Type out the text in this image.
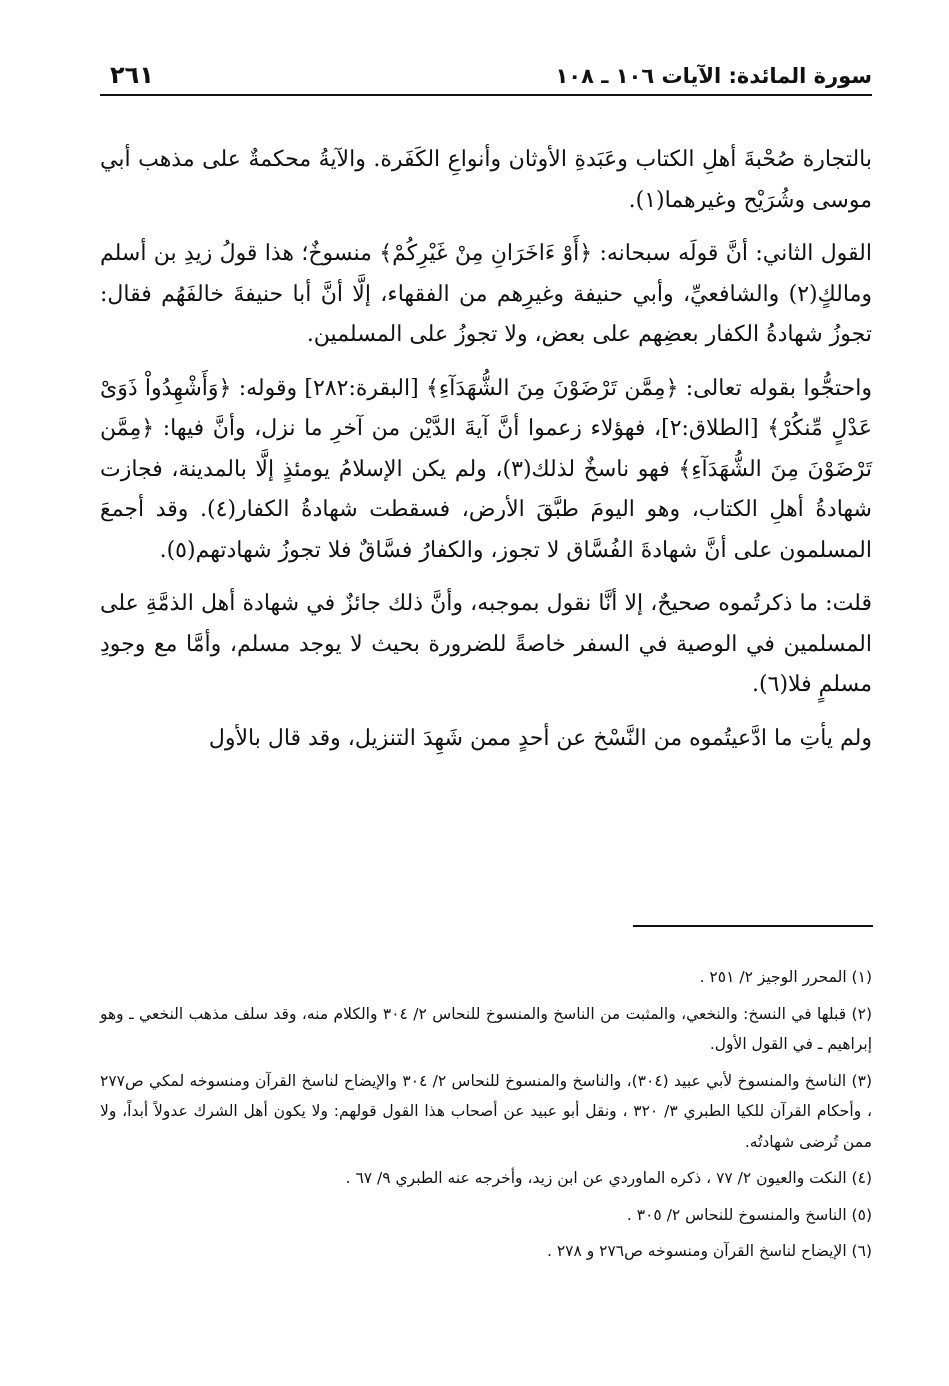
سورة المائدة: الآيات ١٠٦ ـ ١٠٨
٢٦١

بالتجارة صُحْبةَ أهلِ الكتاب وعَبَدةِ الأوثان وأنواعِ الكَفَرة. والآيةُ محكمةٌ على مذهب أبي موسى وشُرَيْح وغيرهما(١).

القول الثاني: أنَّ قولَه سبحانه: ﴿أَوْ ءَاخَرَانِ مِنْ غَيْرِكُمْ﴾ منسوخٌ؛ هذا قولُ زيدِ بن أسلم ومالكٍ(٢) والشافعيِّ، وأبي حنيفة وغيرِهم من الفقهاء، إلَّا أنَّ أبا حنيفةَ خالفَهُم فقال: تجوزُ شهادةُ الكفار بعضِهم على بعض، ولا تجوزُ على المسلمين.

واحتجُّوا بقوله تعالى: ﴿مِمَّن تَرْضَوْنَ مِنَ الشُّهَدَآءِ﴾ [البقرة:٢٨٢] وقوله: ﴿وَأَشْهِدُواْ ذَوَىْ عَدْلٍ مِّنكُرْ﴾ [الطلاق:٢]، فهؤلاء زعموا أنَّ آيةَ الدَّيْن من آخرِ ما نزل، وأنَّ فيها: ﴿مِمَّن تَرْضَوْنَ مِنَ الشُّهَدَآءِ﴾ فهو ناسخٌ لذلك(٣)، ولم يكن الإسلامُ يومئذٍ إلَّا بالمدينة، فجازت شهادةُ أهلِ الكتاب، وهو اليومَ طبَّقَ الأرض، فسقطت شهادةُ الكفار(٤). وقد أجمعَ المسلمون على أنَّ شهادةَ الفُسَّاق لا تجوز، والكفارُ فسَّاقٌ فلا تجوزُ شهادتهم(٥).

قلت: ما ذكرتُموه صحيحٌ، إلا أنَّا نقول بموجبه، وأنَّ ذلك جائزٌ في شهادة أهل الذمَّةِ على المسلمين في الوصية في السفر خاصةً للضرورة بحيث لا يوجد مسلم، وأمَّا مع وجودِ مسلمٍ فلا(٦).

ولم يأتِ ما ادَّعيتُموه من النَّسْخ عن أحدٍ ممن شَهِدَ التنزيل، وقد قال بالأول

(١) المحرر الوجيز ٢/ ٢٥١ .

(٢) قبلها في النسخ: والنخعي، والمثبت من الناسخ والمنسوخ للنحاس ٢/ ٣٠٤ والكلام منه، وقد سلف مذهب النخعي ـ وهو إبراهيم ـ في القول الأول.

(٣) الناسخ والمنسوخ لأبي عبيد (٣٠٤)، والناسخ والمنسوخ للنحاس ٢/ ٣٠٤ والإيضاح لناسخ القرآن ومنسوخه لمكي ص٢٧٧ ، وأحكام القرآن للكيا الطبري ٣/ ٣٢٠ ، ونقل أبو عبيد عن أصحاب هذا القول قولهم: ولا يكون أهل الشرك عدولاً أبداً، ولا ممن تُرضى شهادتُه.

(٤) النكت والعيون ٢/ ٧٧ ، ذكره الماوردي عن ابن زيد، وأخرجه عنه الطبري ٩/ ٦٧ .

(٥) الناسخ والمنسوخ للنحاس ٢/ ٣٠٥ .

(٦) الإيضاح لناسخ القرآن ومنسوخه ص٢٧٦ و ٢٧٨ .
